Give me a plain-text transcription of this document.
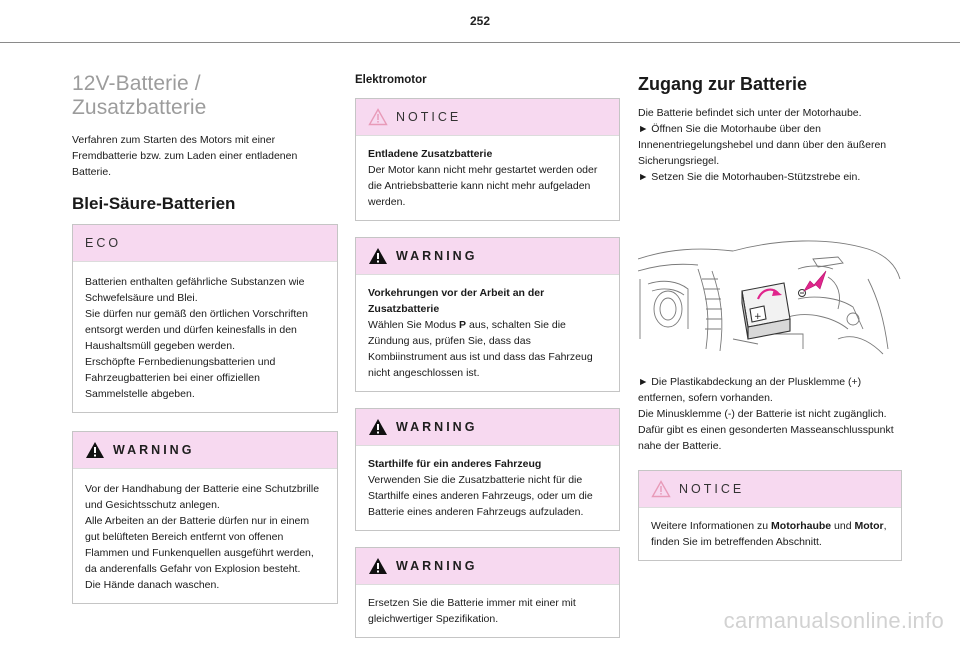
252
12V-Batterie / Zusatzbatterie

Verfahren zum Starten des Motors mit einer Fremdbatterie bzw. zum Laden einer entladenen Batterie.

Blei-Säure-Batterien
ECO
Batterien enthalten gefährliche Substanzen wie Schwefelsäure und Blei.
Sie dürfen nur gemäß den örtlichen Vorschriften entsorgt werden und dürfen keinesfalls in den Haushaltsmüll gegeben werden.
Erschöpfte Fernbedienungsbatterien und Fahrzeugbatterien bei einer offiziellen Sammelstelle abgeben.
WARNING
Vor der Handhabung der Batterie eine Schutzbrille und Gesichtsschutz anlegen.
Alle Arbeiten an der Batterie dürfen nur in einem gut belüfteten Bereich entfernt von offenen Flammen und Funkenquellen ausgeführt werden, da anderenfalls Gefahr von Explosion besteht.
Die Hände danach waschen.
Elektromotor
NOTICE
Entladene Zusatzbatterie
Der Motor kann nicht mehr gestartet werden oder die Antriebsbatterie kann nicht mehr aufgeladen werden.
WARNING
Vorkehrungen vor der Arbeit an der Zusatzbatterie
Wählen Sie Modus P aus, schalten Sie die Zündung aus, prüfen Sie, dass das Kombiinstrument aus ist und dass das Fahrzeug nicht angeschlossen ist.
WARNING
Starthilfe für ein anderes Fahrzeug
Verwenden Sie die Zusatzbatterie nicht für die Starthilfe eines anderen Fahrzeugs, oder um die Batterie eines anderen Fahrzeugs aufzuladen.
WARNING
Ersetzen Sie die Batterie immer mit einer mit gleichwertiger Spezifikation.
Zugang zur Batterie

Die Batterie befindet sich unter der Motorhaube.
► Öffnen Sie die Motorhaube über den Innenentriegelungshebel und dann über den äußeren Sicherungsriegel.
► Setzen Sie die Motorhauben-Stützstrebe ein.

+

► Die Plastikabdeckung an der Plusklemme (+) entfernen, sofern vorhanden.
Die Minusklemme (-) der Batterie ist nicht zugänglich. Dafür gibt es einen gesonderten Masseanschlusspunkt nahe der Batterie.

NOTICE
Weitere Informationen zu Motorhaube und Motor, finden Sie im betreffenden Abschnitt.
carmanualsonline.info
